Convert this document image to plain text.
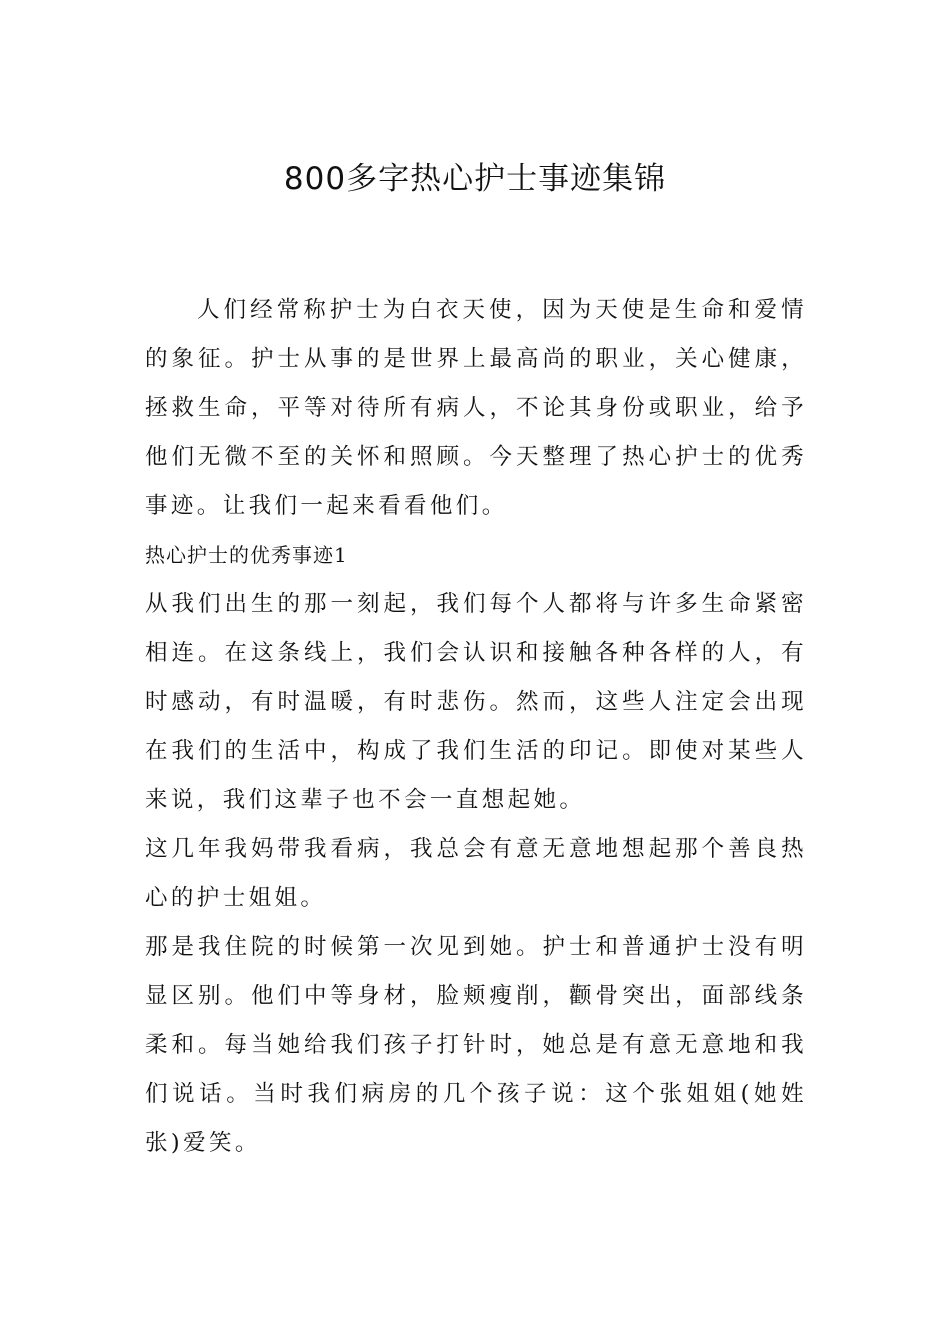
800多字热心护士事迹集锦

人们经常称护士为白衣天使，因为天使是生命和爱情的象征。护士从事的是世界上最高尚的职业，关心健康，拯救生命，平等对待所有病人，不论其身份或职业，给予他们无微不至的关怀和照顾。今天整理了热心护士的优秀事迹。让我们一起来看看他们。

热心护士的优秀事迹1

从我们出生的那一刻起，我们每个人都将与许多生命紧密相连。在这条线上，我们会认识和接触各种各样的人，有时感动，有时温暖，有时悲伤。然而，这些人注定会出现在我们的生活中，构成了我们生活的印记。即使对某些人来说，我们这辈子也不会一直想起她。

这几年我妈带我看病，我总会有意无意地想起那个善良热心的护士姐姐。

那是我住院的时候第一次见到她。护士和普通护士没有明显区别。他们中等身材，脸颊瘦削，颧骨突出，面部线条柔和。每当她给我们孩子打针时，她总是有意无意地和我们说话。当时我们病房的几个孩子说：这个张姐姐(她姓张)爱笑。
